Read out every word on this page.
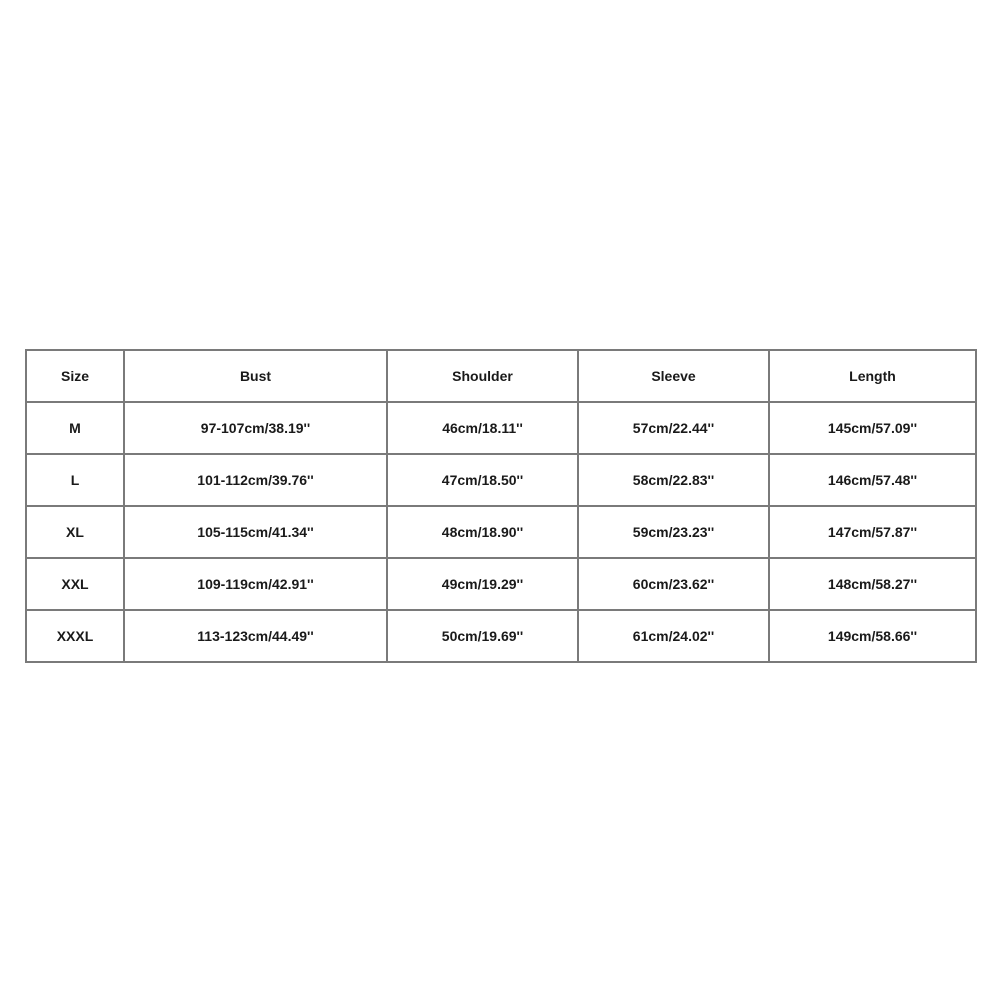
Size	Bust	Shoulder	Sleeve	Length
M	97-107cm/38.19''	46cm/18.11''	57cm/22.44''	145cm/57.09''
L	101-112cm/39.76''	47cm/18.50''	58cm/22.83''	146cm/57.48''
XL	105-115cm/41.34''	48cm/18.90''	59cm/23.23''	147cm/57.87''
XXL	109-119cm/42.91''	49cm/19.29''	60cm/23.62''	148cm/58.27''
XXXL	113-123cm/44.49''	50cm/19.69''	61cm/24.02''	149cm/58.66''
